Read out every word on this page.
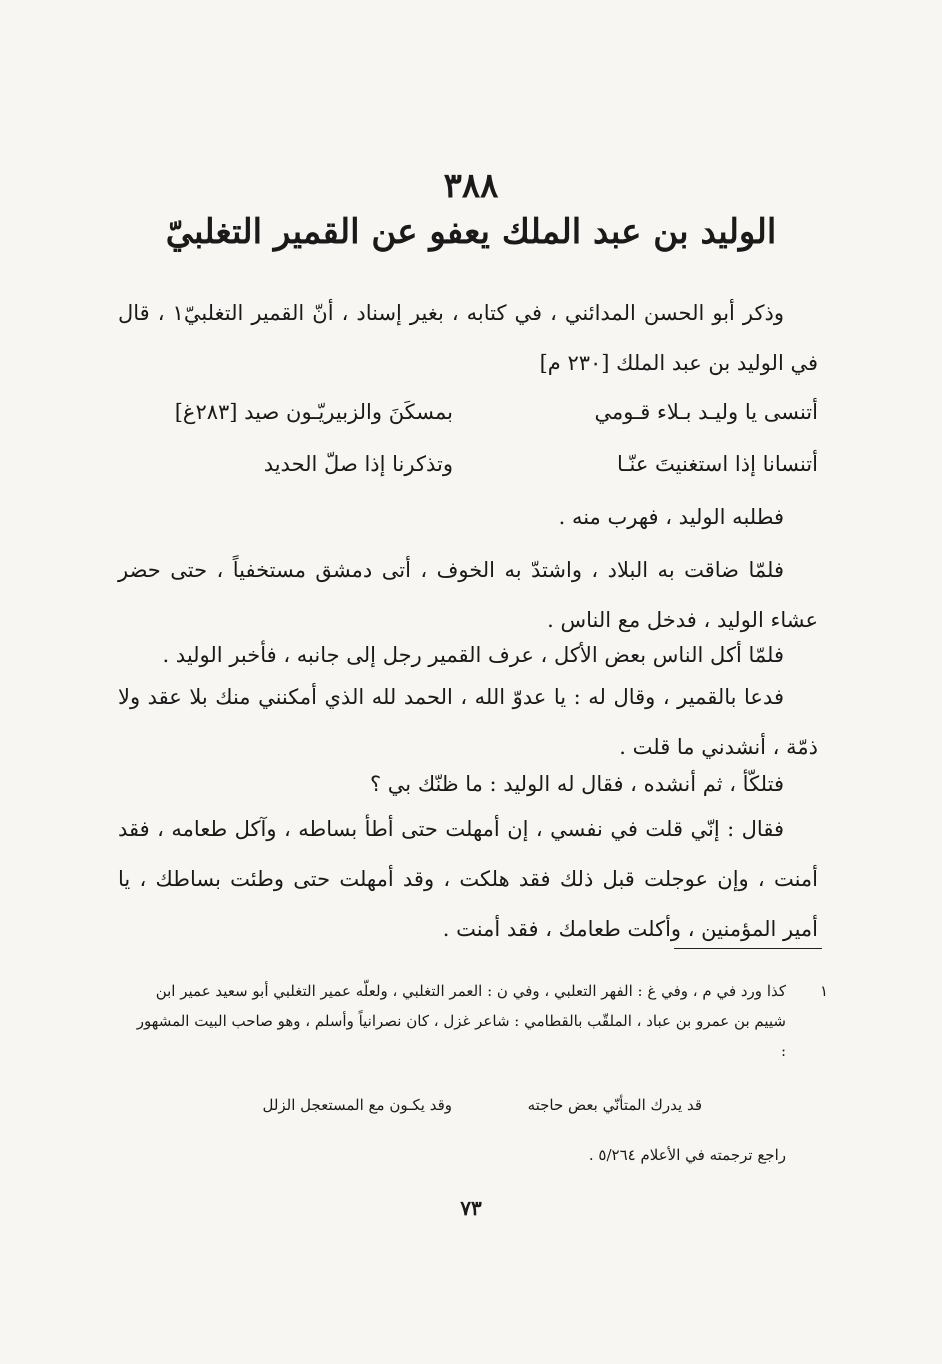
٣٨٨
الوليد بن عبد الملك يعفو عن القمير التغلبيّ
وذكر أبو الحسن المدائني ، في كتابه ، بغير إسناد ، أنّ القمير التغلبيّ١ ، قال في الوليد بن عبد الملك [٢٣٠ م]
أتنسى يا وليـد بـلاء قـومي
بمسكَنَ والزبيريّـون صيد [٢٨٣غ]
أتنسانا إذا استغنيتَ عنّـا
وتذكرنا إذا صلّ الحديد
فطلبه الوليد ، فهرب منه .
فلمّا ضاقت به البلاد ، واشتدّ به الخوف ، أتى دمشق مستخفياً ، حتى حضر عشاء الوليد ، فدخل مع الناس .
فلمّا أكل الناس بعض الأكل ، عرف القمير رجل إلى جانبه ، فأخبر الوليد .
فدعا بالقمير ، وقال له : يا عدوّ الله ، الحمد لله الذي أمكنني منك بلا عقد ولا ذمّة ، أنشدني ما قلت .
فتلكّأ ، ثم أنشده ، فقال له الوليد : ما ظنّك بي ؟
فقال : إنّي قلت في نفسي ، إن أمهلت حتى أطأ بساطه ، وآكل طعامه ، فقد أمنت ، وإن عوجلت قبل ذلك فقد هلكت ، وقد أمهلت حتى وطئت بساطك ، يا أمير المؤمنين ، وأكلت طعامك ، فقد أمنت .
١
كذا ورد في م ، وفي غ : الفهر التعلبي ، وفي ن : العمر التغلبي ، ولعلّه عمير التغلبي أبو سعيد عمير ابن شييم بن عمرو بن عباد ، الملقّب بالقطامي : شاعر غزل ، كان نصرانياً وأسلم ، وهو صاحب البيت المشهور :
قد يدرك المتأنّي بعض حاجته
وقد يكـون مع المستعجل الزلل
راجع ترجمته في الأعلام ٥/٢٦٤ .
٧٣
